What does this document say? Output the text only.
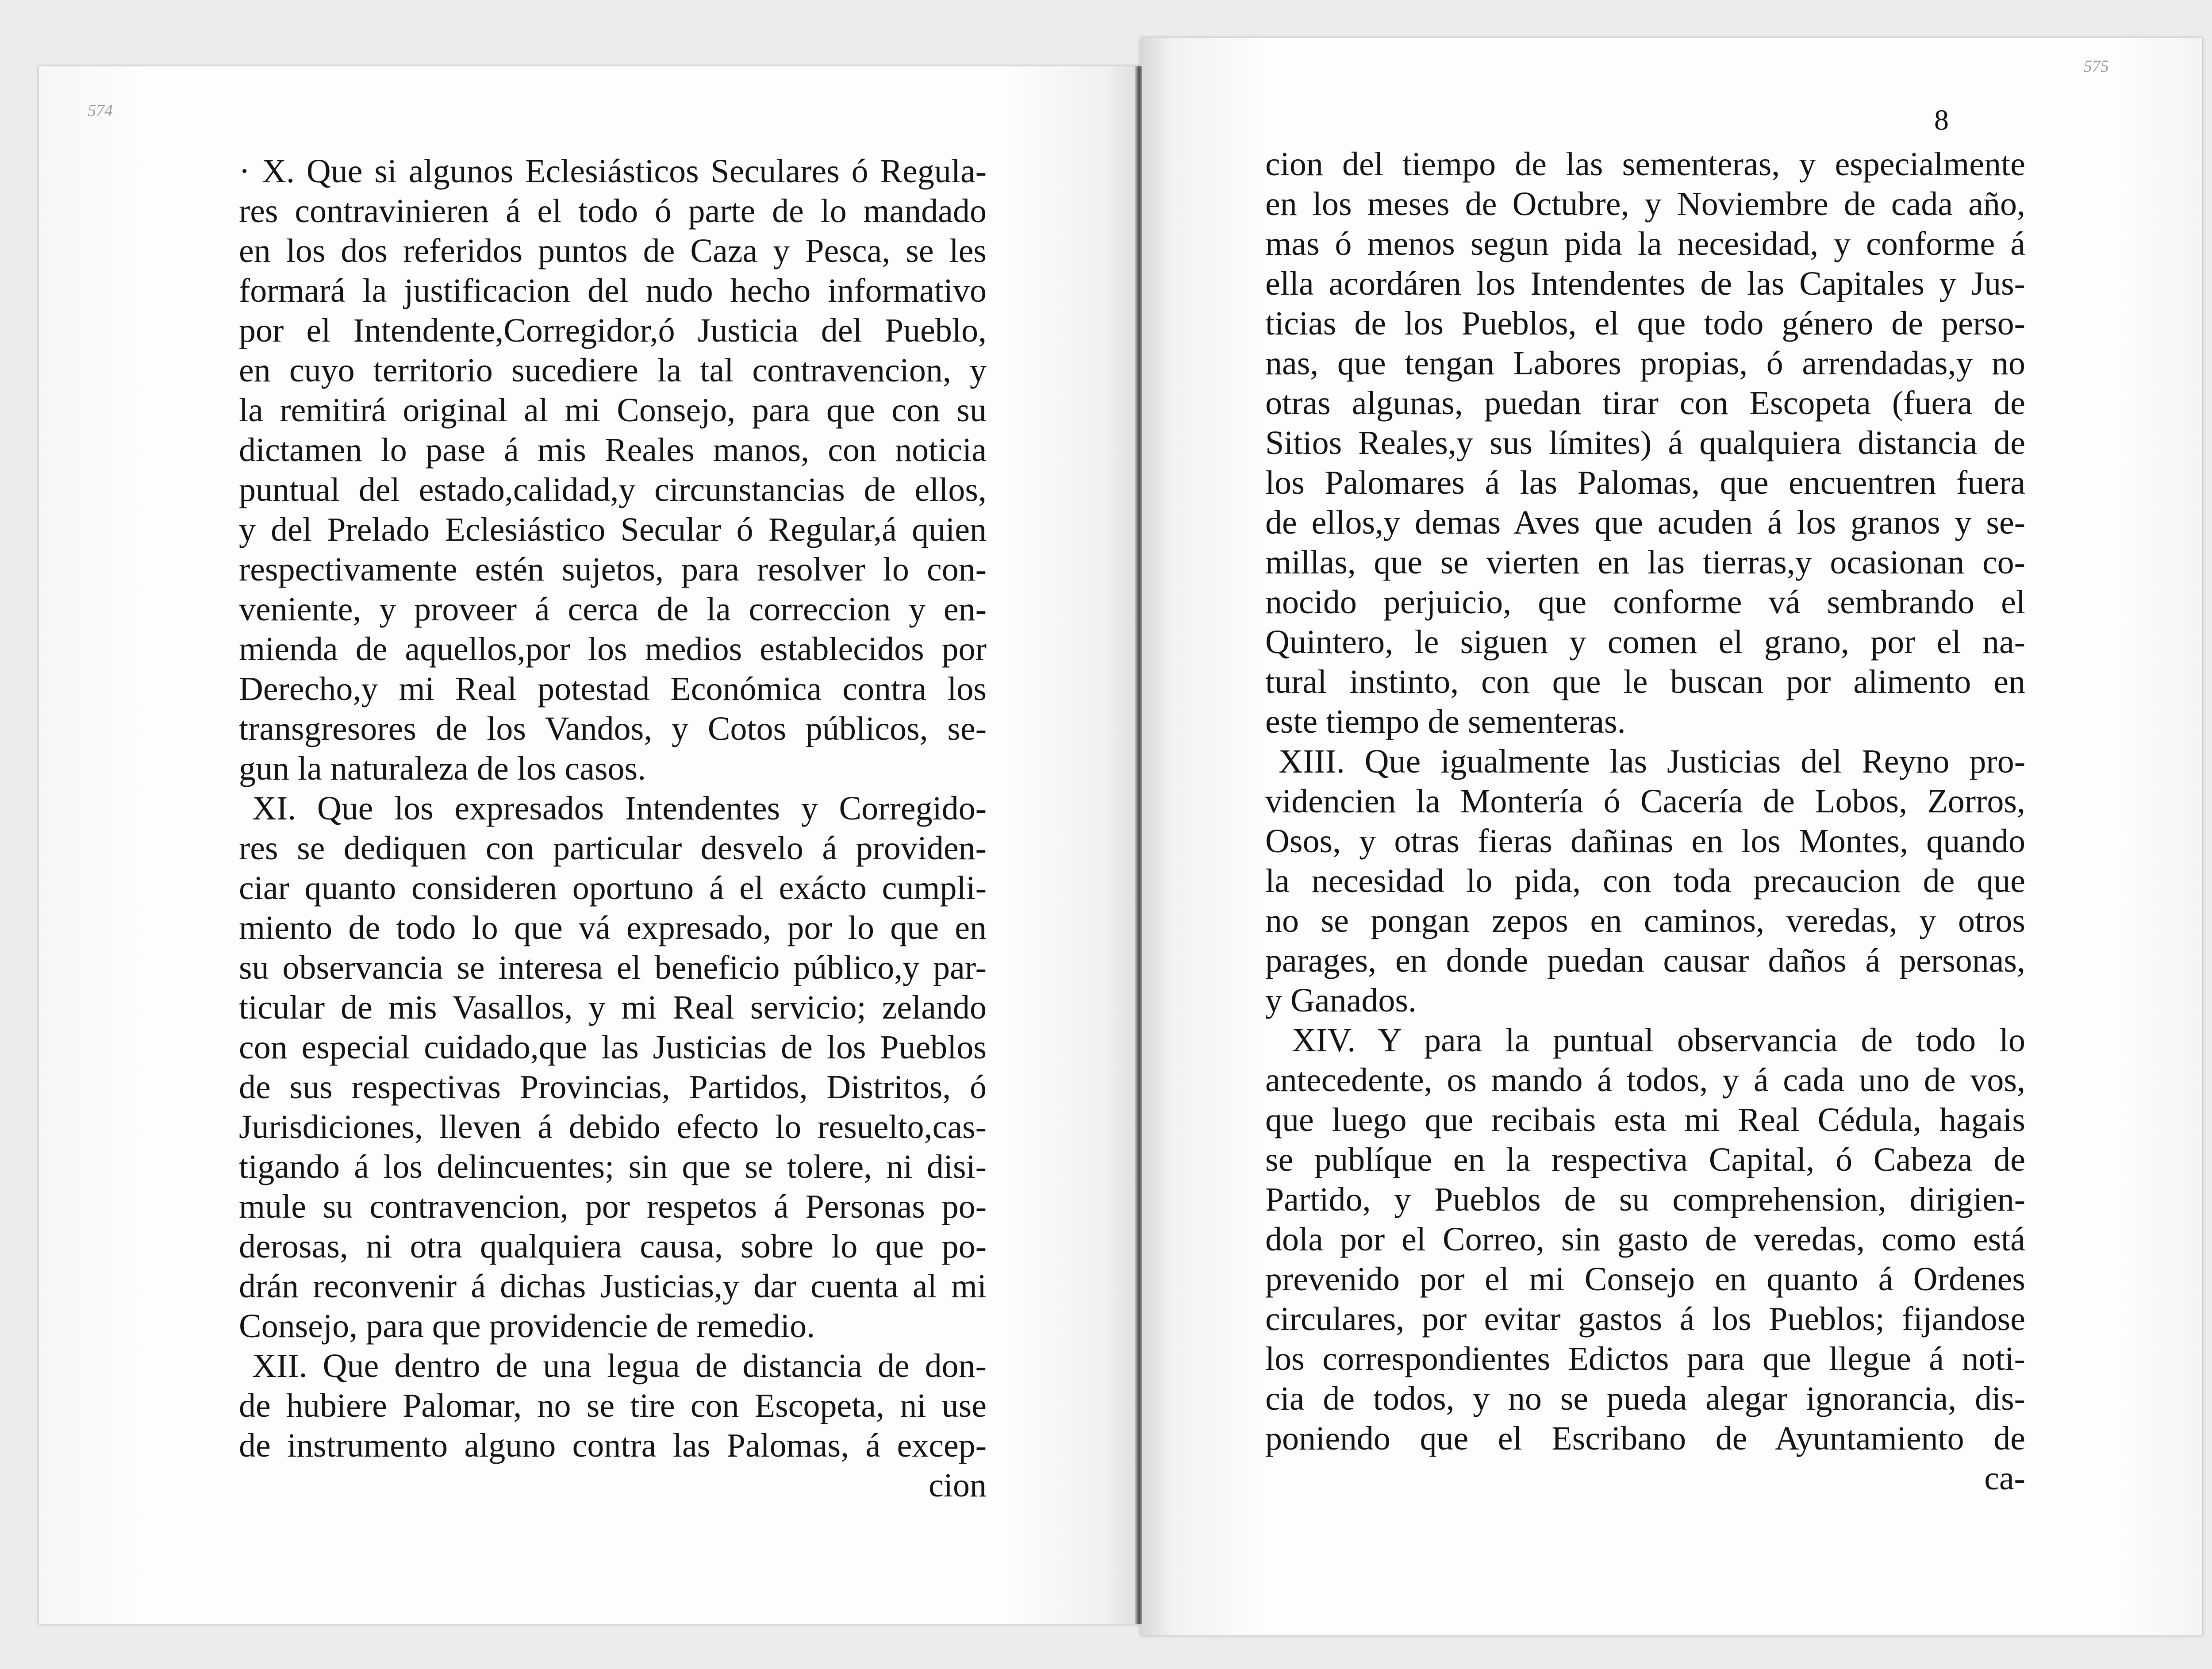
574
575
8
· X. Que si algunos Eclesiásticos Seculares ó Regula-
res contravinieren á el todo ó parte de lo mandado
en los dos referidos puntos de Caza y Pesca, se les
formará la justificacion del nudo hecho informativo
por el Intendente,Corregidor,ó Justicia del Pueblo,
en cuyo territorio sucediere la tal contravencion, y
la remitirá original al mi Consejo, para que con su
dictamen lo pase á mis Reales manos, con noticia
puntual del estado,calidad,y circunstancias de ellos,
y del Prelado Eclesiástico Secular ó Regular,á quien
respectivamente estén sujetos, para resolver lo con-
veniente, y proveer á cerca de la correccion y en-
mienda de aquellos,por los medios establecidos por
Derecho,y mi Real potestad Económica contra los
transgresores de los Vandos, y Cotos públicos, se-
gun la naturaleza de los casos.
XI. Que los expresados Intendentes y Corregido-
res se dediquen con particular desvelo á providen-
ciar quanto consideren oportuno á el exácto cumpli-
miento de todo lo que vá expresado, por lo que en
su observancia se interesa el beneficio público,y par-
ticular de mis Vasallos, y mi Real servicio; zelando
con especial cuidado,que las Justicias de los Pueblos
de sus respectivas Provincias, Partidos, Distritos, ó
Jurisdiciones, lleven á debido efecto lo resuelto,cas-
tigando á los delincuentes; sin que se tolere, ni disi-
mule su contravencion, por respetos á Personas po-
derosas, ni otra qualquiera causa, sobre lo que po-
drán reconvenir á dichas Justicias,y dar cuenta al mi
Consejo, para que providencie de remedio.
XII. Que dentro de una legua de distancia de don-
de hubiere Palomar, no se tire con Escopeta, ni use
de instrumento alguno contra las Palomas, á excep-
cion
cion del tiempo de las sementeras, y especialmente
en los meses de Octubre, y Noviembre de cada año,
mas ó menos segun pida la necesidad, y conforme á
ella acordáren los Intendentes de las Capitales y Jus-
ticias de los Pueblos, el que todo género de perso-
nas, que tengan Labores propias, ó arrendadas,y no
otras algunas, puedan tirar con Escopeta (fuera de
Sitios Reales,y sus límites) á qualquiera distancia de
los Palomares á las Palomas, que encuentren fuera
de ellos,y demas Aves que acuden á los granos y se-
millas, que se vierten en las tierras,y ocasionan co-
nocido perjuicio, que conforme vá sembrando el
Quintero, le siguen y comen el grano, por el na-
tural instinto, con que le buscan por alimento en
este tiempo de sementeras.
XIII. Que igualmente las Justicias del Reyno pro-
videncien la Montería ó Cacería de Lobos, Zorros,
Osos, y otras fieras dañinas en los Montes, quando
la necesidad lo pida, con toda precaucion de que
no se pongan zepos en caminos, veredas, y otros
parages, en donde puedan causar daños á personas,
y Ganados.
XIV. Y para la puntual observancia de todo lo
antecedente, os mando á todos, y á cada uno de vos,
que luego que recibais esta mi Real Cédula, hagais
se publíque en la respectiva Capital, ó Cabeza de
Partido, y Pueblos de su comprehension, dirigien-
dola por el Correo, sin gasto de veredas, como está
prevenido por el mi Consejo en quanto á Ordenes
circulares, por evitar gastos á los Pueblos; fijandose
los correspondientes Edictos para que llegue á noti-
cia de todos, y no se pueda alegar ignorancia, dis-
poniendo que el Escribano de Ayuntamiento de
ca-
